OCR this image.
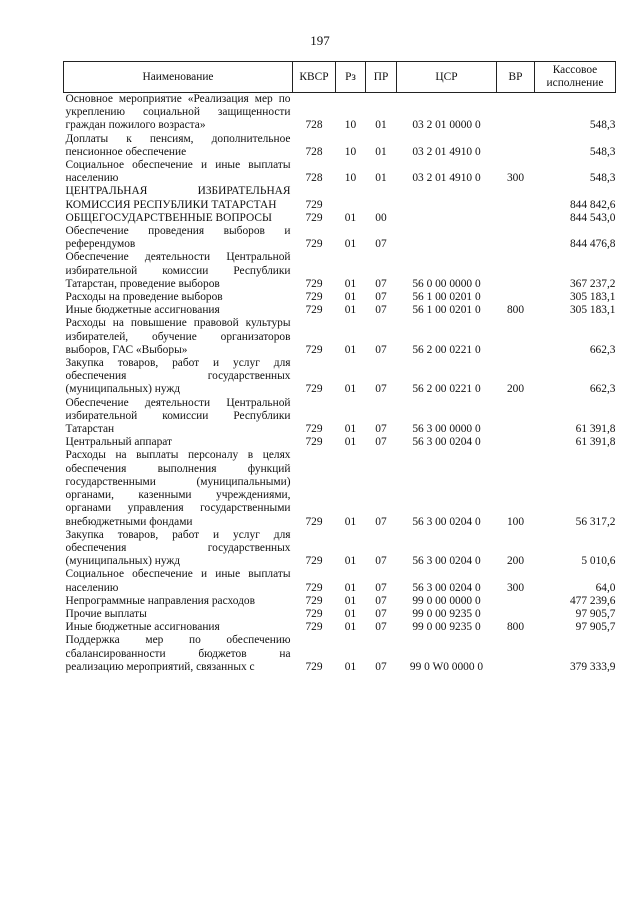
197
Наименование	КВСР	Рз	ПР	ЦСР	ВР	Кассовое исполнение
Основное мероприятие «Реализация мер по укреплению социальной защищенности граждан пожилого возраста»	728	10	01	03 2 01 0000 0		548,3
Доплаты к пенсиям, дополнительное пенсионное обеспечение	728	10	01	03 2 01 4910 0		548,3
Социальное обеспечение и иные выплаты населению	728	10	01	03 2 01 4910 0	300	548,3
ЦЕНТРАЛЬНАЯ ИЗБИРАТЕЛЬНАЯ КОМИССИЯ РЕСПУБЛИКИ ТАТАРСТАН	729					844 842,6
ОБЩЕГОСУДАРСТВЕННЫЕ ВОПРОСЫ	729	01	00			844 543,0
Обеспечение проведения выборов и референдумов	729	01	07			844 476,8
Обеспечение деятельности Центральной избирательной комиссии Республики Татарстан, проведение выборов	729	01	07	56 0 00 0000 0		367 237,2
Расходы на проведение выборов	729	01	07	56 1 00 0201 0		305 183,1
Иные бюджетные ассигнования	729	01	07	56 1 00 0201 0	800	305 183,1
Расходы на повышение правовой культуры избирателей, обучение организаторов выборов, ГАС «Выборы»	729	01	07	56 2 00 0221 0		662,3
Закупка товаров, работ и услуг для обеспечения государственных (муниципальных) нужд	729	01	07	56 2 00 0221 0	200	662,3
Обеспечение деятельности Центральной избирательной комиссии Республики Татарстан	729	01	07	56 3 00 0000 0		61 391,8
Центральный аппарат	729	01	07	56 3 00 0204 0		61 391,8
Расходы на выплаты персоналу в целях обеспечения выполнения функций государственными (муниципальными) органами, казенными учреждениями, органами управления государственными внебюджетными фондами	729	01	07	56 3 00 0204 0	100	56 317,2
Закупка товаров, работ и услуг для обеспечения государственных (муниципальных) нужд	729	01	07	56 3 00 0204 0	200	5 010,6
Социальное обеспечение и иные выплаты населению	729	01	07	56 3 00 0204 0	300	64,0
Непрограммные направления расходов	729	01	07	99 0 00 0000 0		477 239,6
Прочие выплаты	729	01	07	99 0 00 9235 0		97 905,7
Иные бюджетные ассигнования	729	01	07	99 0 00 9235 0	800	97 905,7
Поддержка мер по обеспечению сбалансированности бюджетов на реализацию мероприятий, связанных с	729	01	07	99 0 W0 0000 0		379 333,9
